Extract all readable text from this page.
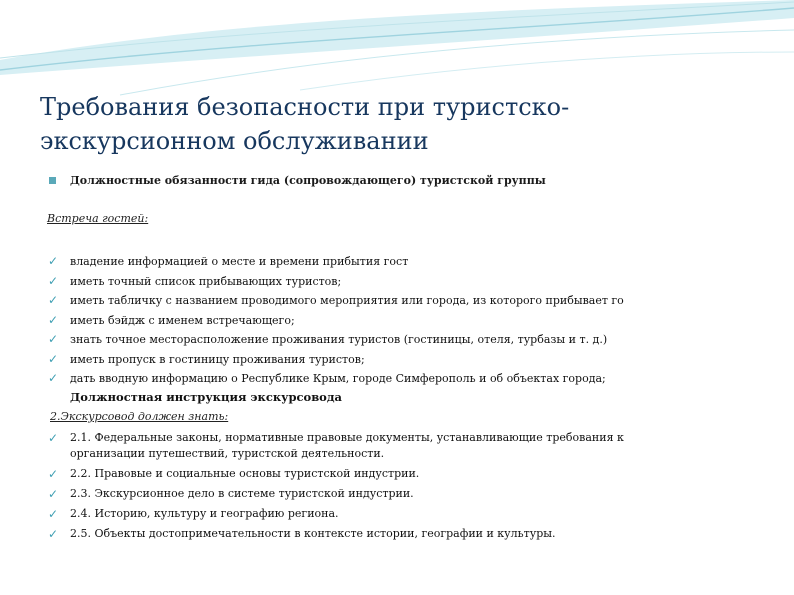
Требования безопасности при туристско-экскурсионном обслуживании
Должностные обязанности гида (сопровождающего) туристской группы
Встреча гостей:
✓ владение информацией о месте и времени прибытия гост
✓ иметь точный список прибывающих туристов;
✓ иметь табличку с названием проводимого мероприятия или города, из которого прибывает го
✓ иметь бэйдж с именем встречающего;
✓ знать точное месторасположение проживания туристов (гостиницы, отеля, турбазы и т. д.)
✓ иметь пропуск в гостиницу проживания туристов;
✓ дать вводную информацию о Республике Крым, городе Симферополь и об объектах города;
Должностная инструкция экскурсовода
2.Экскурсовод должен знать:
✓ 2.1. Федеральные законы, нормативные правовые документы, устанавливающие требования к организации путешествий, туристской деятельности.
✓ 2.2. Правовые и социальные основы туристской индустрии.
✓ 2.3. Экскурсионное дело в системе туристской индустрии.
✓ 2.4. Историю, культуру и географию региона.
✓ 2.5. Объекты достопримечательности в контексте истории, географии и культуры.
